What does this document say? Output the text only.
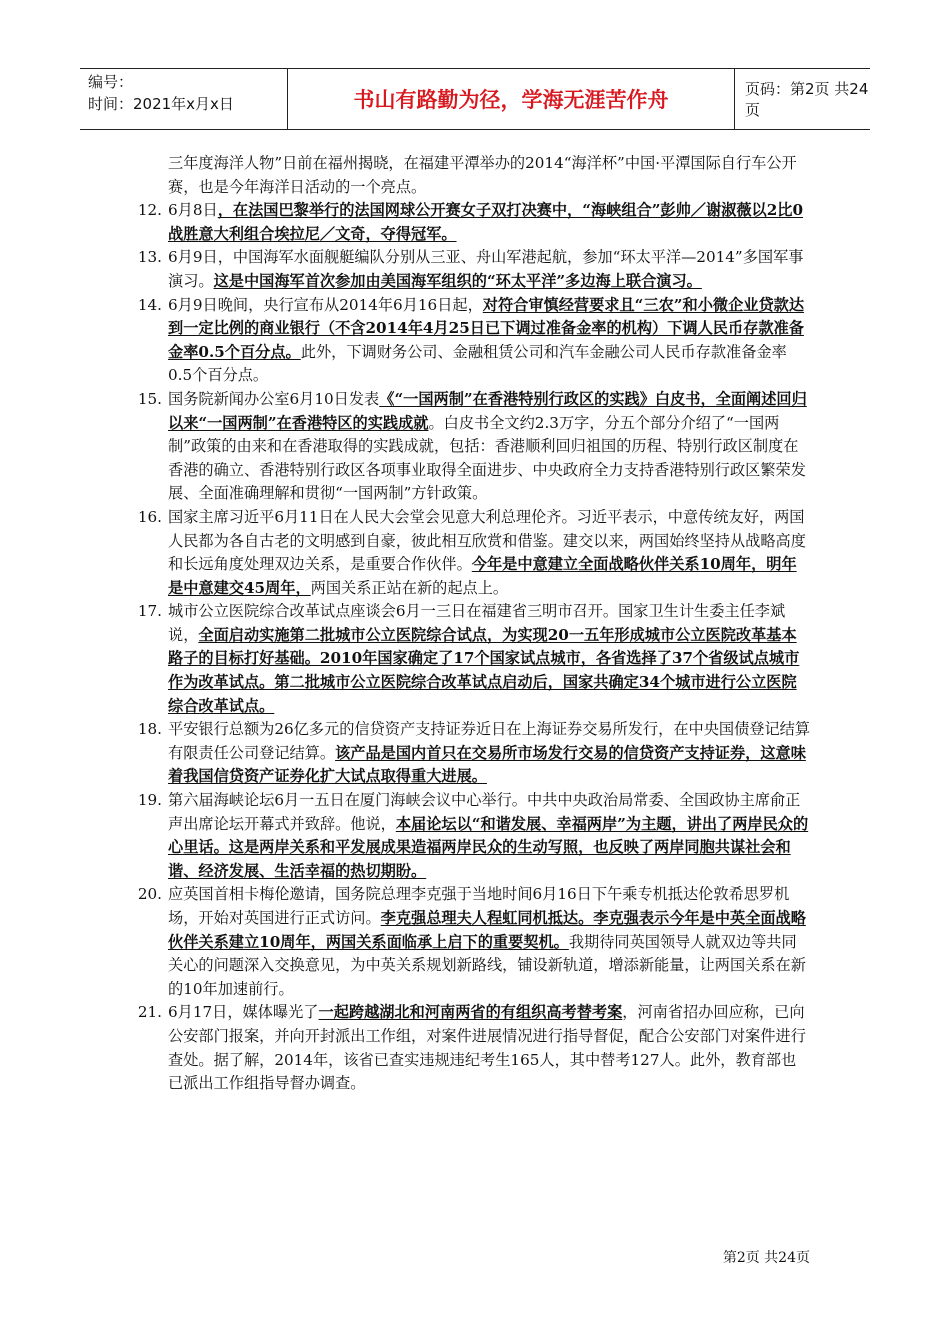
编号：
时间：2021年x月x日	书山有路勤为径，学海无涯苦作舟	页码：第2页 共24页

三年度海洋人物”日前在福州揭晓，在福建平潭举办的2014“海洋杯”中国·平潭国际自行车公开赛，也是今年海洋日活动的一个亮点。

12. 6月8日，在法国巴黎举行的法国网球公开赛女子双打决赛中，“海峡组合”彭帅／谢淑薇以2比0战胜意大利组合埃拉尼／文奇，夺得冠军。

13. 6月9日，中国海军水面舰艇编队分别从三亚、舟山军港起航，参加“环太平洋—2014”多国军事演习。这是中国海军首次参加由美国海军组织的“环太平洋”多边海上联合演习。

14. 6月9日晚间，央行宣布从2014年6月16日起，对符合审慎经营要求且“三农”和小微企业贷款达到一定比例的商业银行（不含2014年4月25日已下调过准备金率的机构）下调人民币存款准备金率0.5个百分点。此外，下调财务公司、金融租赁公司和汽车金融公司人民币存款准备金率0.5个百分点。

15. 国务院新闻办公室6月10日发表《“一国两制”在香港特别行政区的实践》白皮书，全面阐述回归以来“一国两制”在香港特区的实践成就。白皮书全文约2.3万字，分五个部分介绍了“一国两制”政策的由来和在香港取得的实践成就，包括：香港顺利回归祖国的历程、特别行政区制度在香港的确立、香港特别行政区各项事业取得全面进步、中央政府全力支持香港特别行政区繁荣发展、全面准确理解和贯彻“一国两制”方针政策。

16. 国家主席习近平6月11日在人民大会堂会见意大利总理伦齐。习近平表示，中意传统友好，两国人民都为各自古老的文明感到自豪，彼此相互欣赏和借鉴。建交以来，两国始终坚持从战略高度和长远角度处理双边关系，是重要合作伙伴。今年是中意建立全面战略伙伴关系10周年，明年是中意建交45周年，两国关系正站在新的起点上。

17. 城市公立医院综合改革试点座谈会6月一三日在福建省三明市召开。国家卫生计生委主任李斌说，全面启动实施第二批城市公立医院综合试点，为实现20一五年形成城市公立医院改革基本路子的目标打好基础。2010年国家确定了17个国家试点城市，各省选择了37个省级试点城市作为改革试点。第二批城市公立医院综合改革试点启动后，国家共确定34个城市进行公立医院综合改革试点。

18. 平安银行总额为26亿多元的信贷资产支持证券近日在上海证券交易所发行，在中央国债登记结算有限责任公司登记结算。该产品是国内首只在交易所市场发行交易的信贷资产支持证券，这意味着我国信贷资产证券化扩大试点取得重大进展。

19. 第六届海峡论坛6月一五日在厦门海峡会议中心举行。中共中央政治局常委、全国政协主席俞正声出席论坛开幕式并致辞。他说，本届论坛以“和谐发展、幸福两岸”为主题，讲出了两岸民众的心里话。这是两岸关系和平发展成果造福两岸民众的生动写照，也反映了两岸同胞共谋社会和谐、经济发展、生活幸福的热切期盼。

20. 应英国首相卡梅伦邀请，国务院总理李克强于当地时间6月16日下午乘专机抵达伦敦希思罗机场，开始对英国进行正式访问。李克强总理夫人程虹同机抵达。李克强表示今年是中英全面战略伙伴关系建立10周年，两国关系面临承上启下的重要契机。我期待同英国领导人就双边等共同关心的问题深入交换意见，为中英关系规划新路线，铺设新轨道，增添新能量，让两国关系在新的10年加速前行。

21. 6月17日，媒体曝光了一起跨越湖北和河南两省的有组织高考替考案，河南省招办回应称，已向公安部门报案，并向开封派出工作组，对案件进展情况进行指导督促，配合公安部门对案件进行查处。据了解，2014年，该省已查实违规违纪考生165人，其中替考127人。此外，教育部也已派出工作组指导督办调查。

第2页 共24页
